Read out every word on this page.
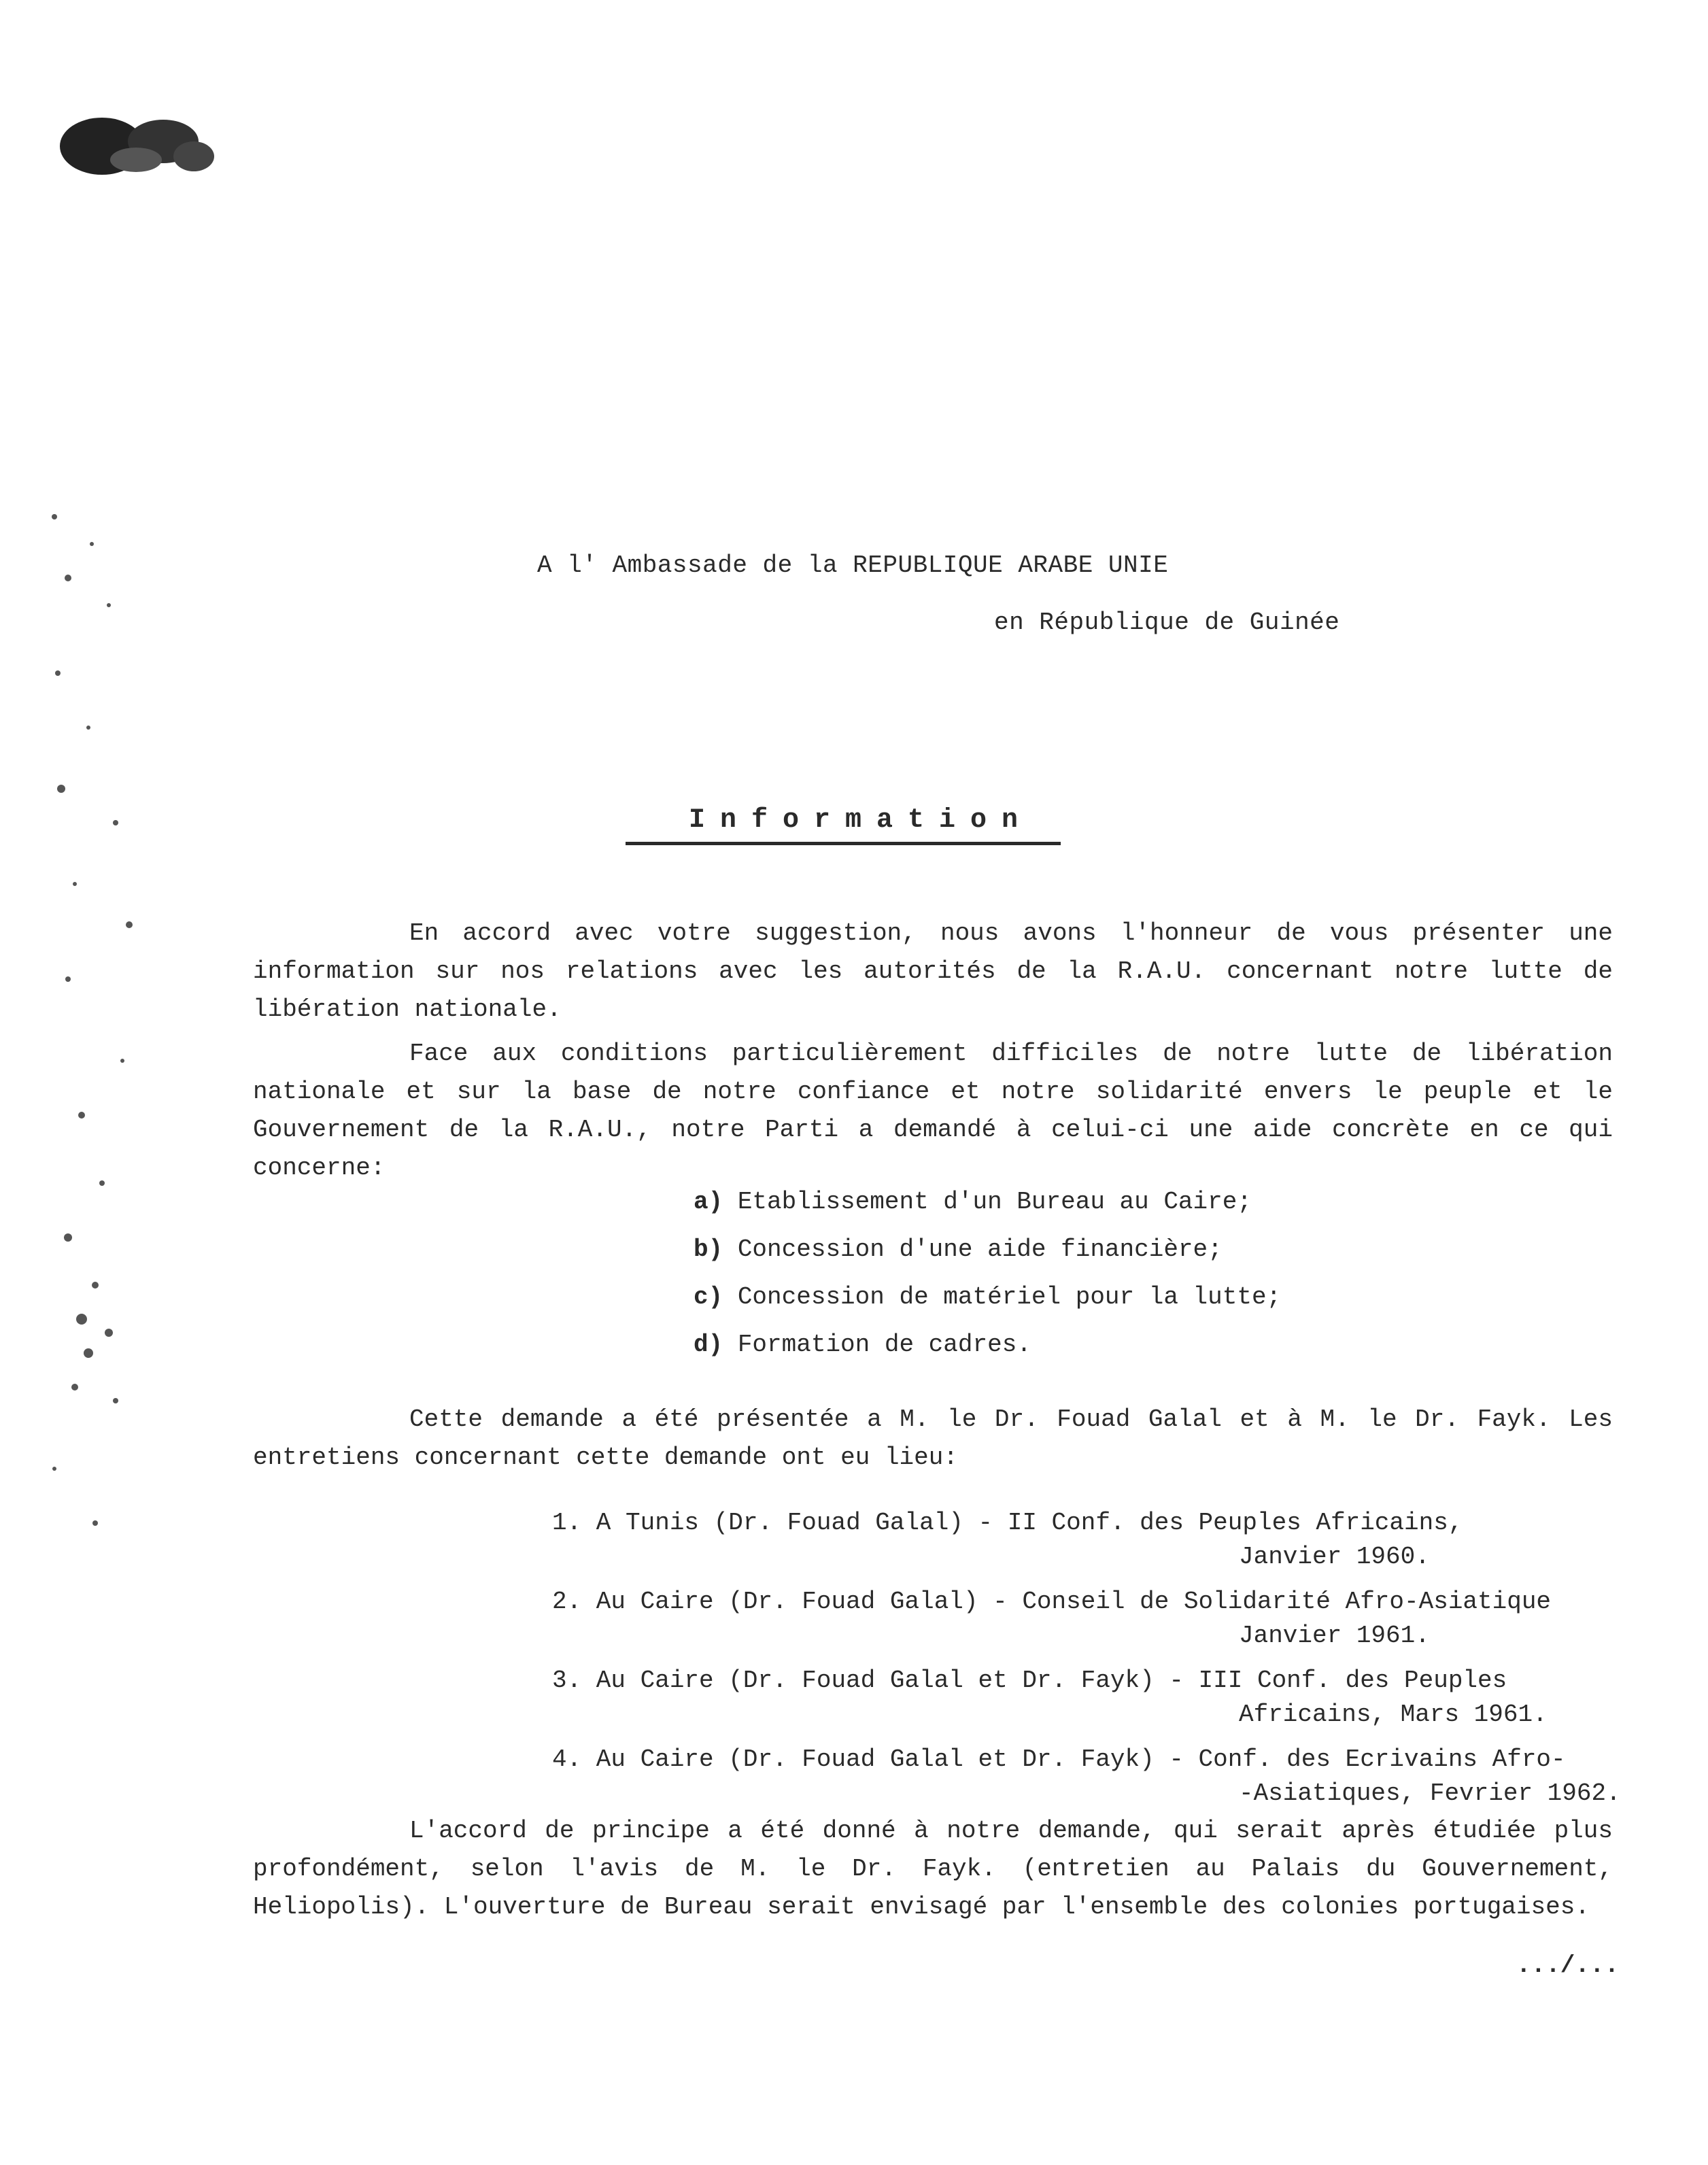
A l' Ambassade de la REPUBLIQUE ARABE UNIE
en République de Guinée
Information

En accord avec votre suggestion, nous avons l'honneur de vous présenter une information sur nos relations avec les autorités de la R.A.U. concernant notre lutte de libération nationale.

Face aux conditions particulièrement difficiles de notre lutte de libération nationale et sur la base de notre confiance et notre solidarité envers le peuple et le Gouvernement de la R.A.U., notre Parti a demandé à celui-ci une aide concrète en ce qui concerne:

a) Etablissement d'un Bureau au Caire;
b) Concession d'une aide financière;
c) Concession de matériel pour la lutte;
d) Formation de cadres.

Cette demande a été présentée a M. le Dr. Fouad Galal et à M. le Dr. Fayk. Les entretiens concernant cette demande ont eu lieu:

1. A Tunis (Dr. Fouad Galal) - II Conf. des Peuples Africains,
Janvier 1960.
2. Au Caire (Dr. Fouad Galal) - Conseil de Solidarité Afro-Asiatique
Janvier 1961.
3. Au Caire (Dr. Fouad Galal et Dr. Fayk) - III Conf. des Peuples
Africains, Mars 1961.
4. Au Caire (Dr. Fouad Galal et Dr. Fayk) - Conf. des Ecrivains Afro-
-Asiatiques, Fevrier 1962.

L'accord de principe a été donné à notre demande, qui serait après étudiée plus profondément, selon l'avis de M. le Dr. Fayk. (entretien au Palais du Gouvernement, Heliopolis). L'ouverture de Bureau serait envisagé par l'ensemble des colonies portugaises.

.../...
